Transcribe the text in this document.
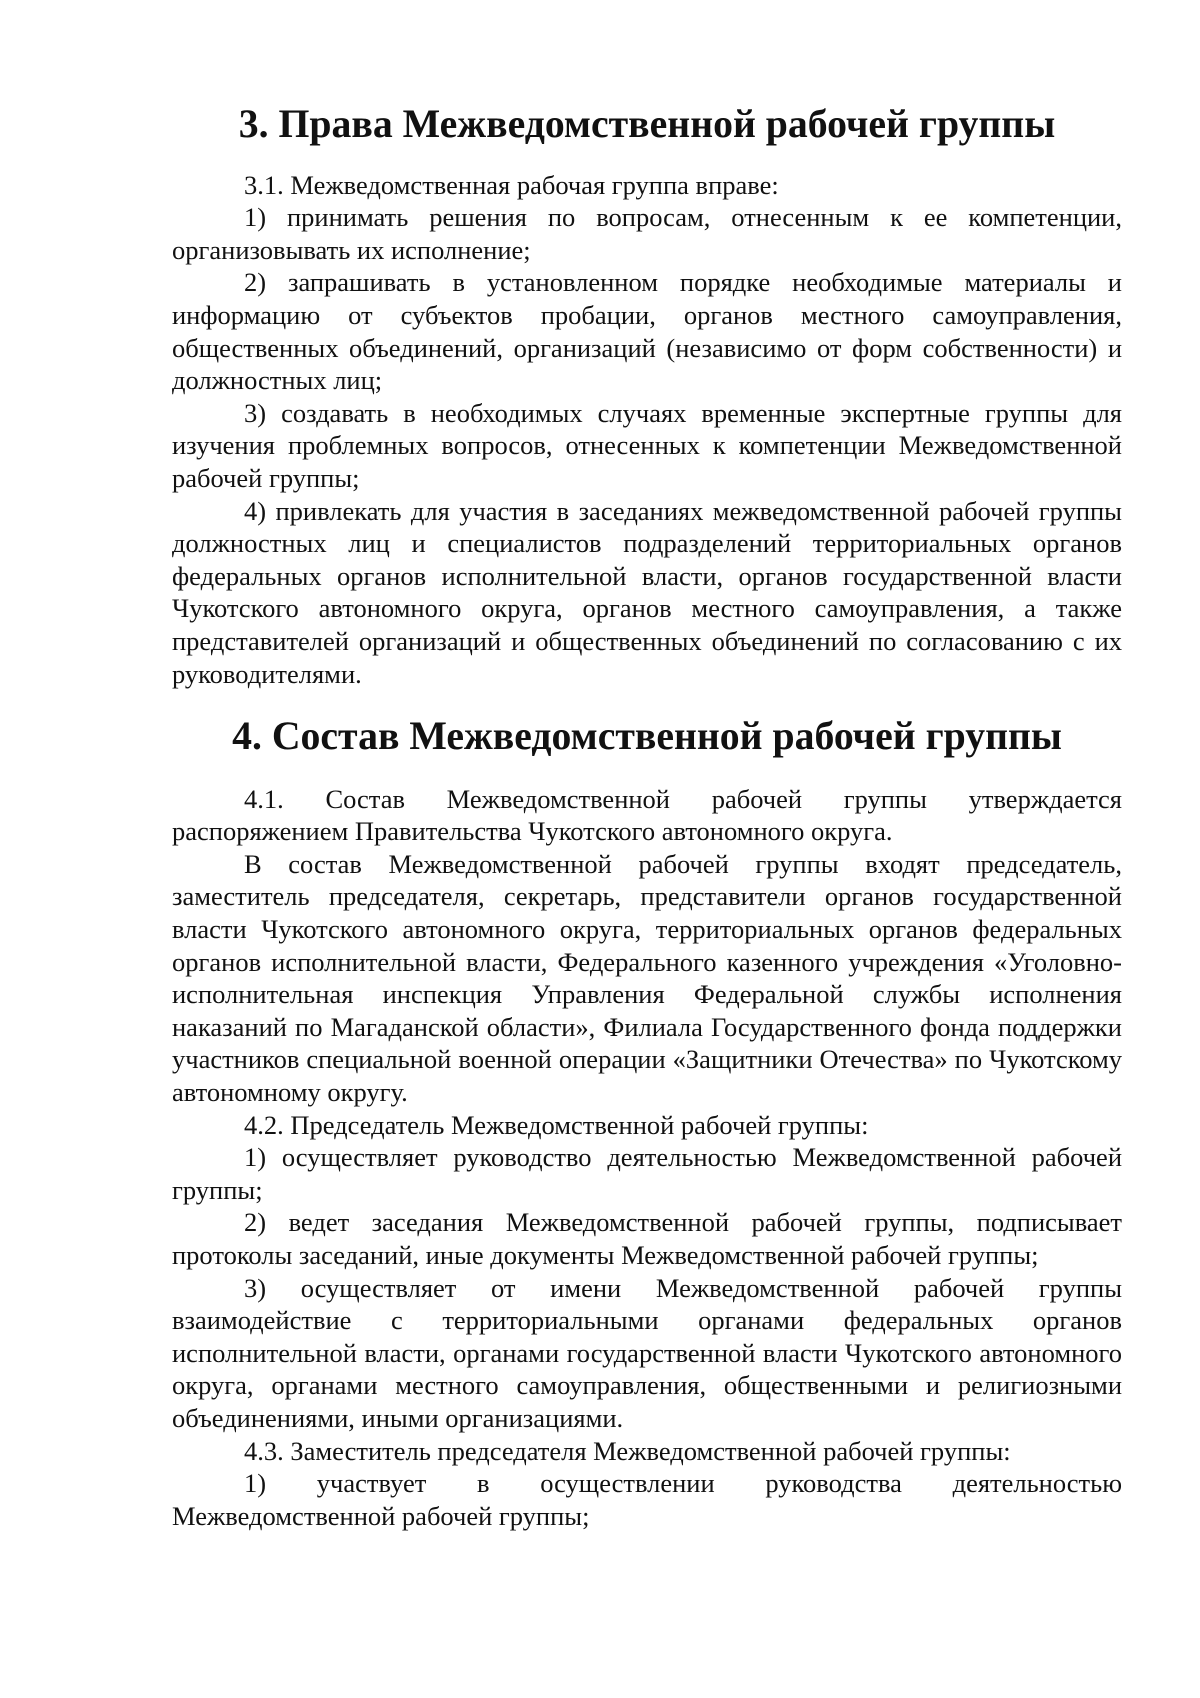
3. Права Межведомственной рабочей группы

3.1. Межведомственная рабочая группа вправе:

1) принимать решения по вопросам, отнесенным к ее компетенции, организовывать их исполнение;

2) запрашивать в установленном порядке необходимые материалы и информацию от субъектов пробации, органов местного самоуправления, общественных объединений, организаций (независимо от форм собственности) и должностных лиц;

3) создавать в необходимых случаях временные экспертные группы для изучения проблемных вопросов, отнесенных к компетенции Межведомственной рабочей группы;

4) привлекать для участия в заседаниях межведомственной рабочей группы должностных лиц и специалистов подразделений территориальных органов федеральных органов исполнительной власти, органов государственной власти Чукотского автономного округа, органов местного самоуправления, а также представителей организаций и общественных объединений по согласованию с их руководителями.

4. Состав Межведомственной рабочей группы

4.1. Состав Межведомственной рабочей группы утверждается распоряжением Правительства Чукотского автономного округа.

В состав Межведомственной рабочей группы входят председатель, заместитель председателя, секретарь, представители органов государственной власти Чукотского автономного округа, территориальных органов федеральных органов исполнительной власти, Федерального казенного учреждения «Уголовно-исполнительная инспекция Управления Федеральной службы исполнения наказаний по Магаданской области», Филиала Государственного фонда поддержки участников специальной военной операции «Защитники Отечества» по Чукотскому автономному округу.

4.2. Председатель Межведомственной рабочей группы:

1) осуществляет руководство деятельностью Межведомственной рабочей группы;

2) ведет заседания Межведомственной рабочей группы, подписывает протоколы заседаний, иные документы Межведомственной рабочей группы;

3) осуществляет от имени Межведомственной рабочей группы взаимодействие с территориальными органами федеральных органов исполнительной власти, органами государственной власти Чукотского автономного округа, органами местного самоуправления, общественными и религиозными объединениями, иными организациями.

4.3. Заместитель председателя Межведомственной рабочей группы:

1) участвует в осуществлении руководства деятельностью Межведомственной рабочей группы;
